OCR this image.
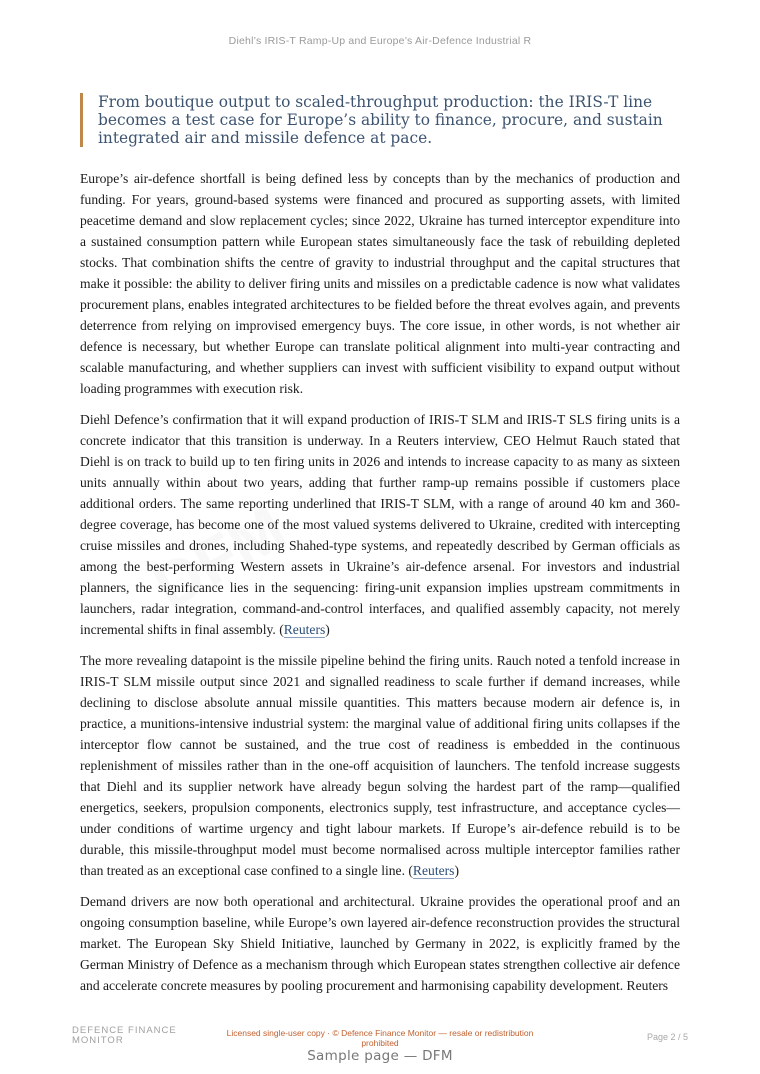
Diehl’s IRIS-T Ramp-Up and Europe’s Air-Defence Industrial R
DFM
From boutique output to scaled-throughput production: the IRIS-T line becomes a test case for Europe’s ability to finance, procure, and sustain integrated air and missile defence at pace.

Europe’s air-defence shortfall is being defined less by concepts than by the mechanics of production and funding. For years, ground-based systems were financed and procured as supporting assets, with limited peacetime demand and slow replacement cycles; since 2022, Ukraine has turned interceptor expenditure into a sustained consumption pattern while European states simultaneously face the task of rebuilding depleted stocks. That combination shifts the centre of gravity to industrial throughput and the capital structures that make it possible: the ability to deliver firing units and missiles on a predictable cadence is now what validates procurement plans, enables integrated architectures to be fielded before the threat evolves again, and prevents deterrence from relying on improvised emergency buys. The core issue, in other words, is not whether air defence is necessary, but whether Europe can translate political alignment into multi-year contracting and scalable manufacturing, and whether suppliers can invest with sufficient visibility to expand output without loading programmes with execution risk.

Diehl Defence’s confirmation that it will expand production of IRIS-T SLM and IRIS-T SLS firing units is a concrete indicator that this transition is underway. In a Reuters interview, CEO Helmut Rauch stated that Diehl is on track to build up to ten firing units in 2026 and intends to increase capacity to as many as sixteen units annually within about two years, adding that further ramp-up remains possible if customers place additional orders. The same reporting underlined that IRIS-T SLM, with a range of around 40 km and 360-degree coverage, has become one of the most valued systems delivered to Ukraine, credited with intercepting cruise missiles and drones, including Shahed-type systems, and repeatedly described by German officials as among the best-performing Western assets in Ukraine’s air-defence arsenal. For investors and industrial planners, the significance lies in the sequencing: firing-unit expansion implies upstream commitments in launchers, radar integration, command-and-control interfaces, and qualified assembly capacity, not merely incremental shifts in final assembly. (Reuters)

The more revealing datapoint is the missile pipeline behind the firing units. Rauch noted a tenfold increase in IRIS-T SLM missile output since 2021 and signalled readiness to scale further if demand increases, while declining to disclose absolute annual missile quantities. This matters because modern air defence is, in practice, a munitions-intensive industrial system: the marginal value of additional firing units collapses if the interceptor flow cannot be sustained, and the true cost of readiness is embedded in the continuous replenishment of missiles rather than in the one-off acquisition of launchers. The tenfold increase suggests that Diehl and its supplier network have already begun solving the hardest part of the ramp—qualified energetics, seekers, propulsion components, electronics supply, test infrastructure, and acceptance cycles—under conditions of wartime urgency and tight labour markets. If Europe’s air-defence rebuild is to be durable, this missile-throughput model must become normalised across multiple interceptor families rather than treated as an exceptional case confined to a single line. (Reuters)

Demand drivers are now both operational and architectural. Ukraine provides the operational proof and an ongoing consumption baseline, while Europe’s own layered air-defence reconstruction provides the structural market. The European Sky Shield Initiative, launched by Germany in 2022, is explicitly framed by the German Ministry of Defence as a mechanism through which European states strengthen collective air defence and accelerate concrete measures by pooling procurement and harmonising capability development. Reuters

DEFENCE FINANCE
MONITOR
Licensed single-user copy · © Defence Finance Monitor — resale or redistribution
prohibited
Page 2 / 5
Sample page — DFM
